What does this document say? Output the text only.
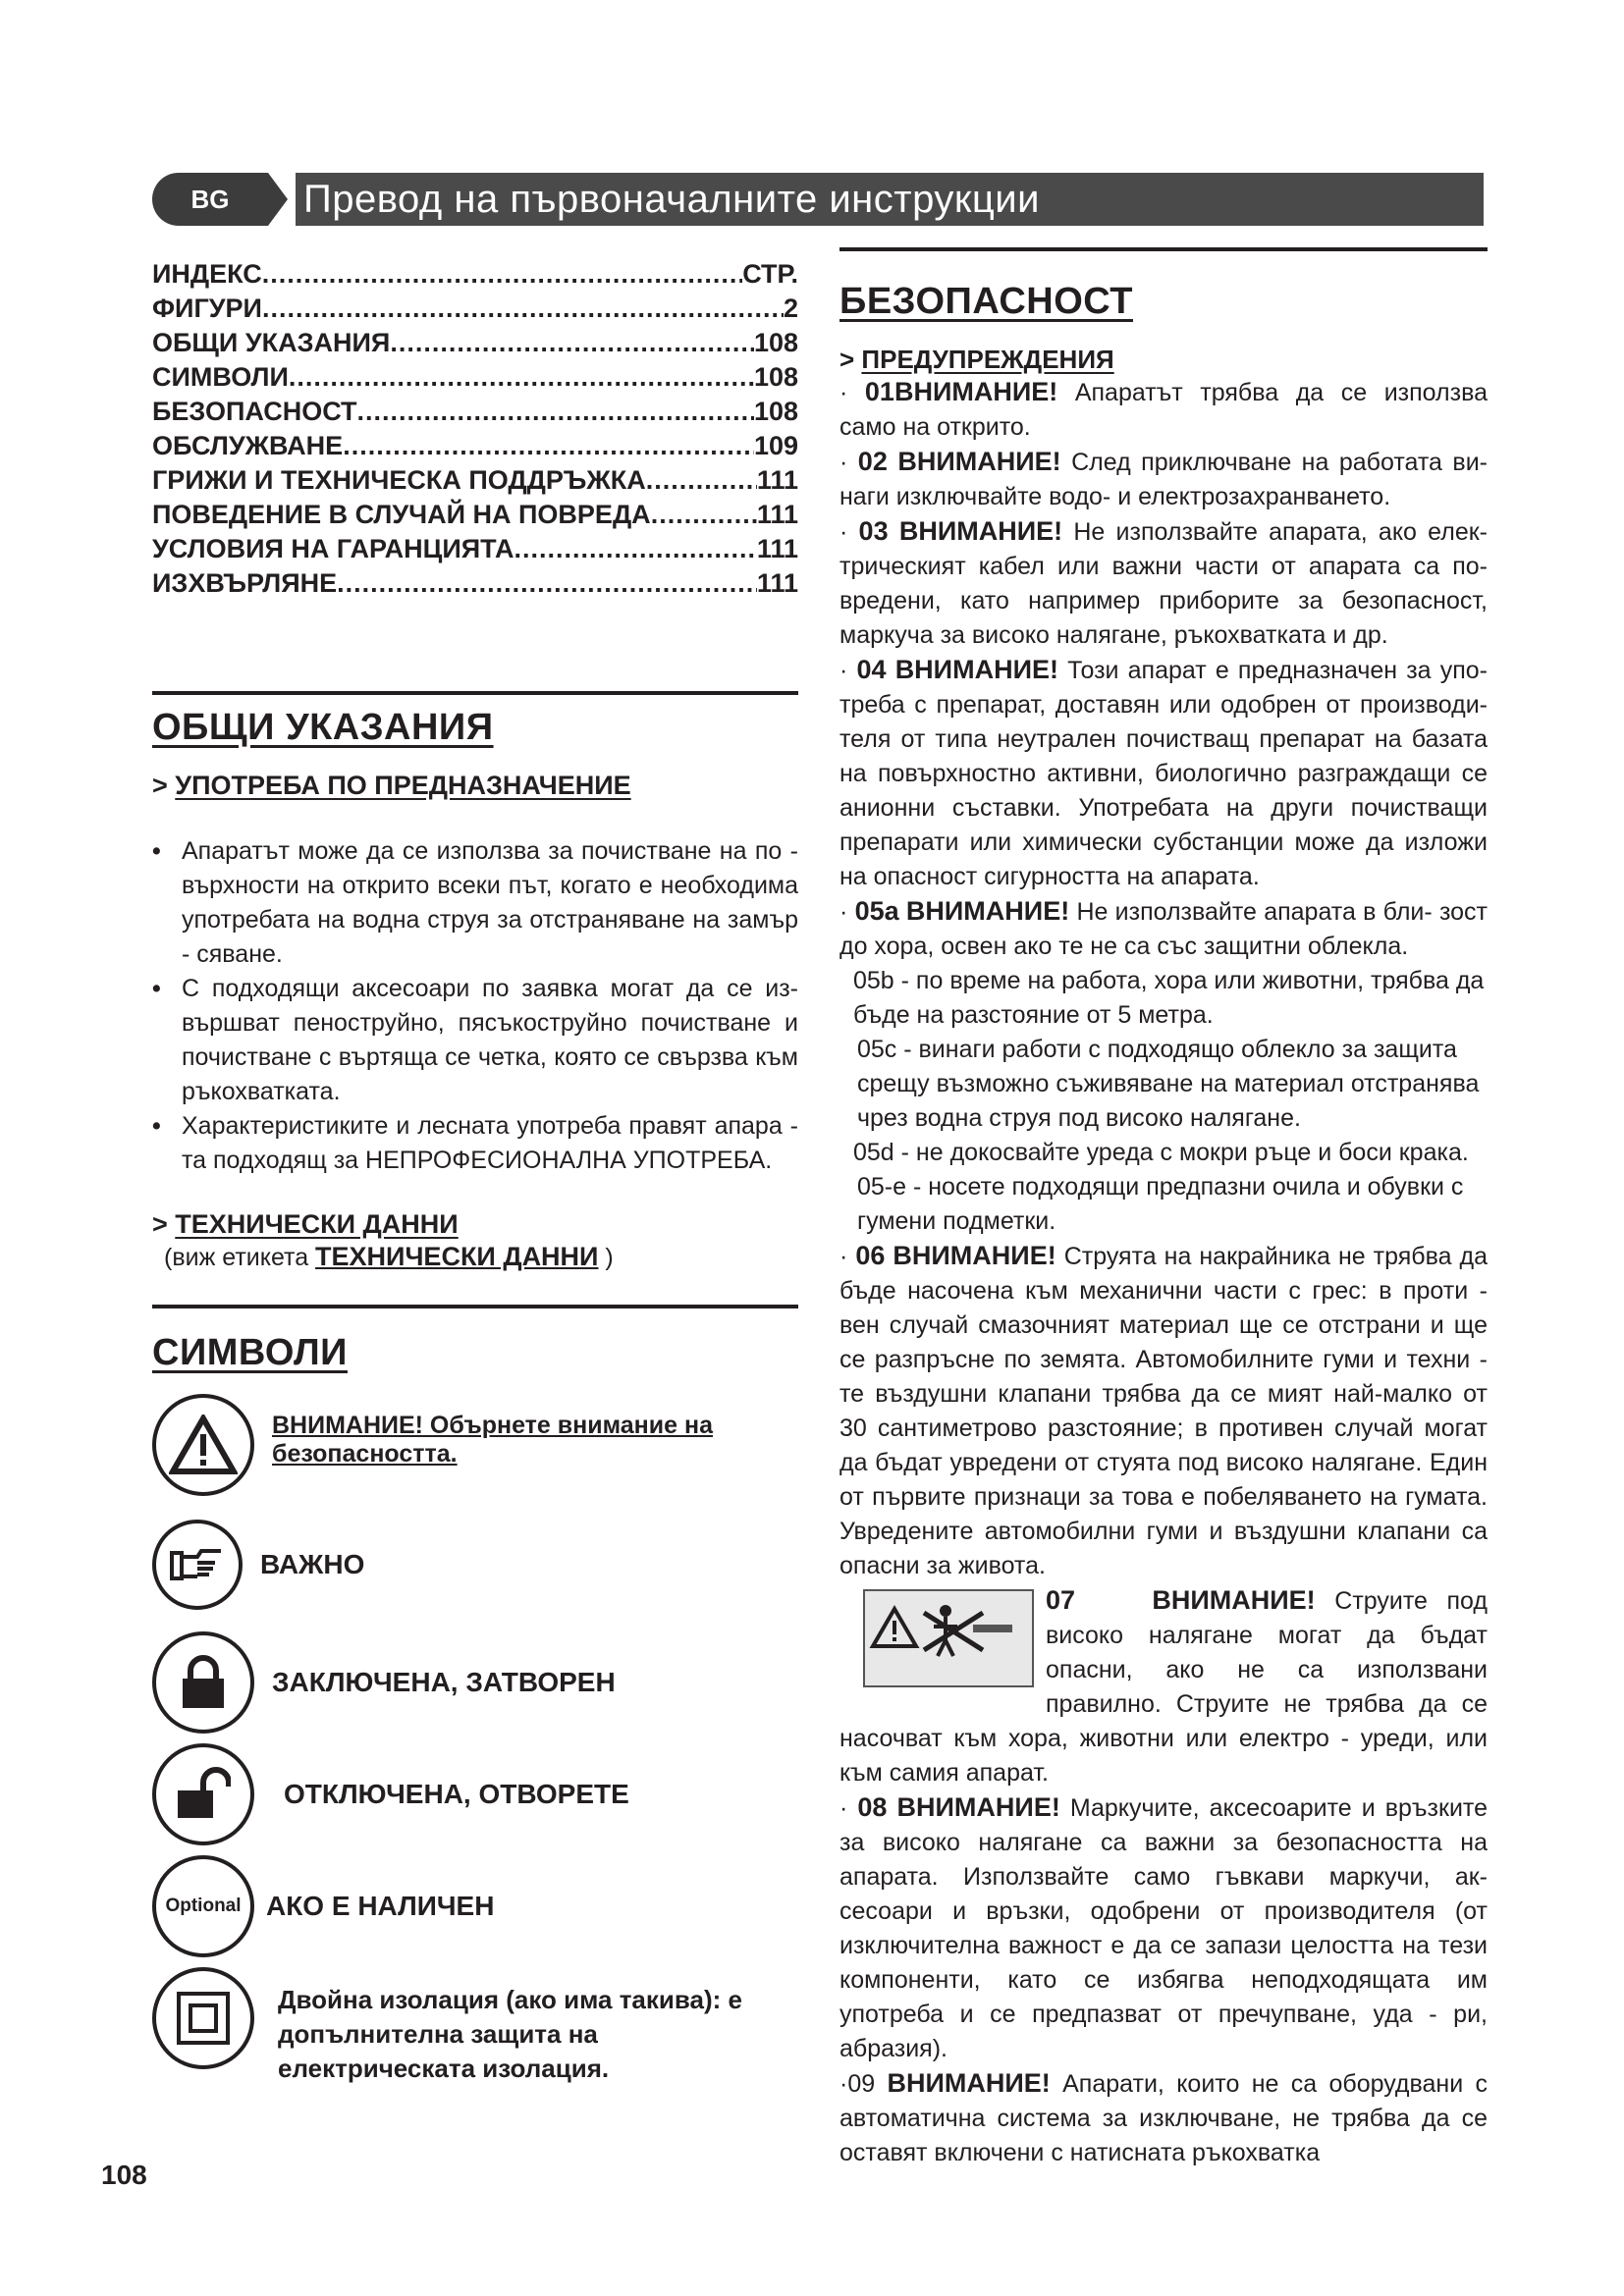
BG	Превод на първоначалните инструкции
ИНДЕКС .....	СТР.
ФИГУРИ .....	2
ОБЩИ УКАЗАНИЯ .....	108
СИМВОЛИ .....	108
БЕЗОПАСНОСТ .....	108
ОБСЛУЖВАНЕ .....	109
ГРИЖИ И ТЕХНИЧЕСКА ПОДДРЪЖКА .....	111
ПОВЕДЕНИЕ В СЛУЧАЙ НА ПОВРЕДА .....	111
УСЛОВИЯ НА ГАРАНЦИЯТА .....	111
ИЗХВЪРЛЯНЕ .....	111
ОБЩИ УКАЗАНИЯ
> УПОТРЕБА ПО ПРЕДНАЗНАЧЕНИЕ
• Апаратът може да се използва за почистване на по - върхности на открито всеки път, когато е необходима употребата на водна струя за отстраняване на замър - сяване.
• С подходящи аксесоари по заявка могат да се из- вършват пеноструйно, пясъкоструйно почистване и почистване с въртяща се четка, която се свързва към ръкохватката.
• Характеристиките и лесната употреба правят апара - та подходящ за НЕПРОФЕСИОНАЛНА УПОТРЕБА.
> ТЕХНИЧЕСКИ ДАННИ
(виж етикета ТЕХНИЧЕСКИ ДАННИ )
СИМВОЛИ
ВНИМАНИЕ! Обърнете внимание на безопасността.
ВАЖНО
ЗАКЛЮЧЕНА, ЗАТВОРЕН
ОТКЛЮЧЕНА, ОТВОРЕТЕ
Optional АКО Е НАЛИЧЕН
Двойна изолация (ако има такива): е допълнителна защита на електрическата изолация.
БЕЗОПАСНОСТ
> ПРЕДУПРЕЖДЕНИЯ
· 01ВНИМАНИЕ! Апаратът трябва да се използва само на открито.
· 02 ВНИМАНИЕ! След приключване на работата ви- наги изключвайте водо- и електрозахранването.
· 03 ВНИМАНИЕ! Не използвайте апарата, ако елек- трическият кабел или важни части от апарата са по- вредени, като например приборите за безопасност, маркуча за високо налягане, ръкохватката и др.
· 04 ВНИМАНИЕ! Този апарат е предназначен за упо- треба с препарат, доставян или одобрен от производи- теля от типа неутрален почистващ препарат на базата на повърхностно активни, биологично разграждащи се анионни съставки. Употребата на други почистващи препарати или химически субстанции може да изложи на опасност сигурността на апарата.
· 05a ВНИМАНИЕ! Не използвайте апарата в бли- зост до хора, освен ако те не са със защитни облекла.
05b - по време на работа, хора или животни, трябва да бъде на разстояние от 5 метра.
05c - винаги работи с подходящо облекло за защита срещу възможно съживяване на материал отстранява чрез водна струя под високо налягане.
05d - не докосвайте уреда с мокри ръце и боси крака.
05-e - носете подходящи предпазни очила и обувки с гумени подметки.
· 06 ВНИМАНИЕ! Струята на накрайника не трябва да бъде насочена към механични части с грес: в проти - вен случай смазочният материал ще се отстрани и ще се разпръсне по земята. Автомобилните гуми и техни - те въздушни клапани трябва да се мият най-малко от 30 сантиметрово разстояние; в противен случай могат да бъдат увредени от стуята под високо налягане. Един от първите признаци за това е побеляването на гумата. Увредените автомобилни гуми и въздушни клапани са опасни за живота.
07	ВНИМАНИЕ! Струите под високо налягане могат да бъдат опасни, ако не са използвани правилно. Струите не трябва да се насочват към хора, животни или електро - уреди, или към самия апарат.
· 08 ВНИМАНИЕ! Маркучите, аксесоарите и връзките за високо налягане са важни за безопасността на апарата. Използвайте само гъвкави маркучи, ак- сесоари и връзки, одобрени от производителя (от изключителна важност е да се запази целостта на тези компоненти, като се избягва неподходящата им употреба и се предпазват от пречупване, уда - ри, абразия).
·09 ВНИМАНИЕ! Апарати, които не са оборудвани с автоматична система за изключване, не трябва да се оставят включени с натисната ръкохватка
108
